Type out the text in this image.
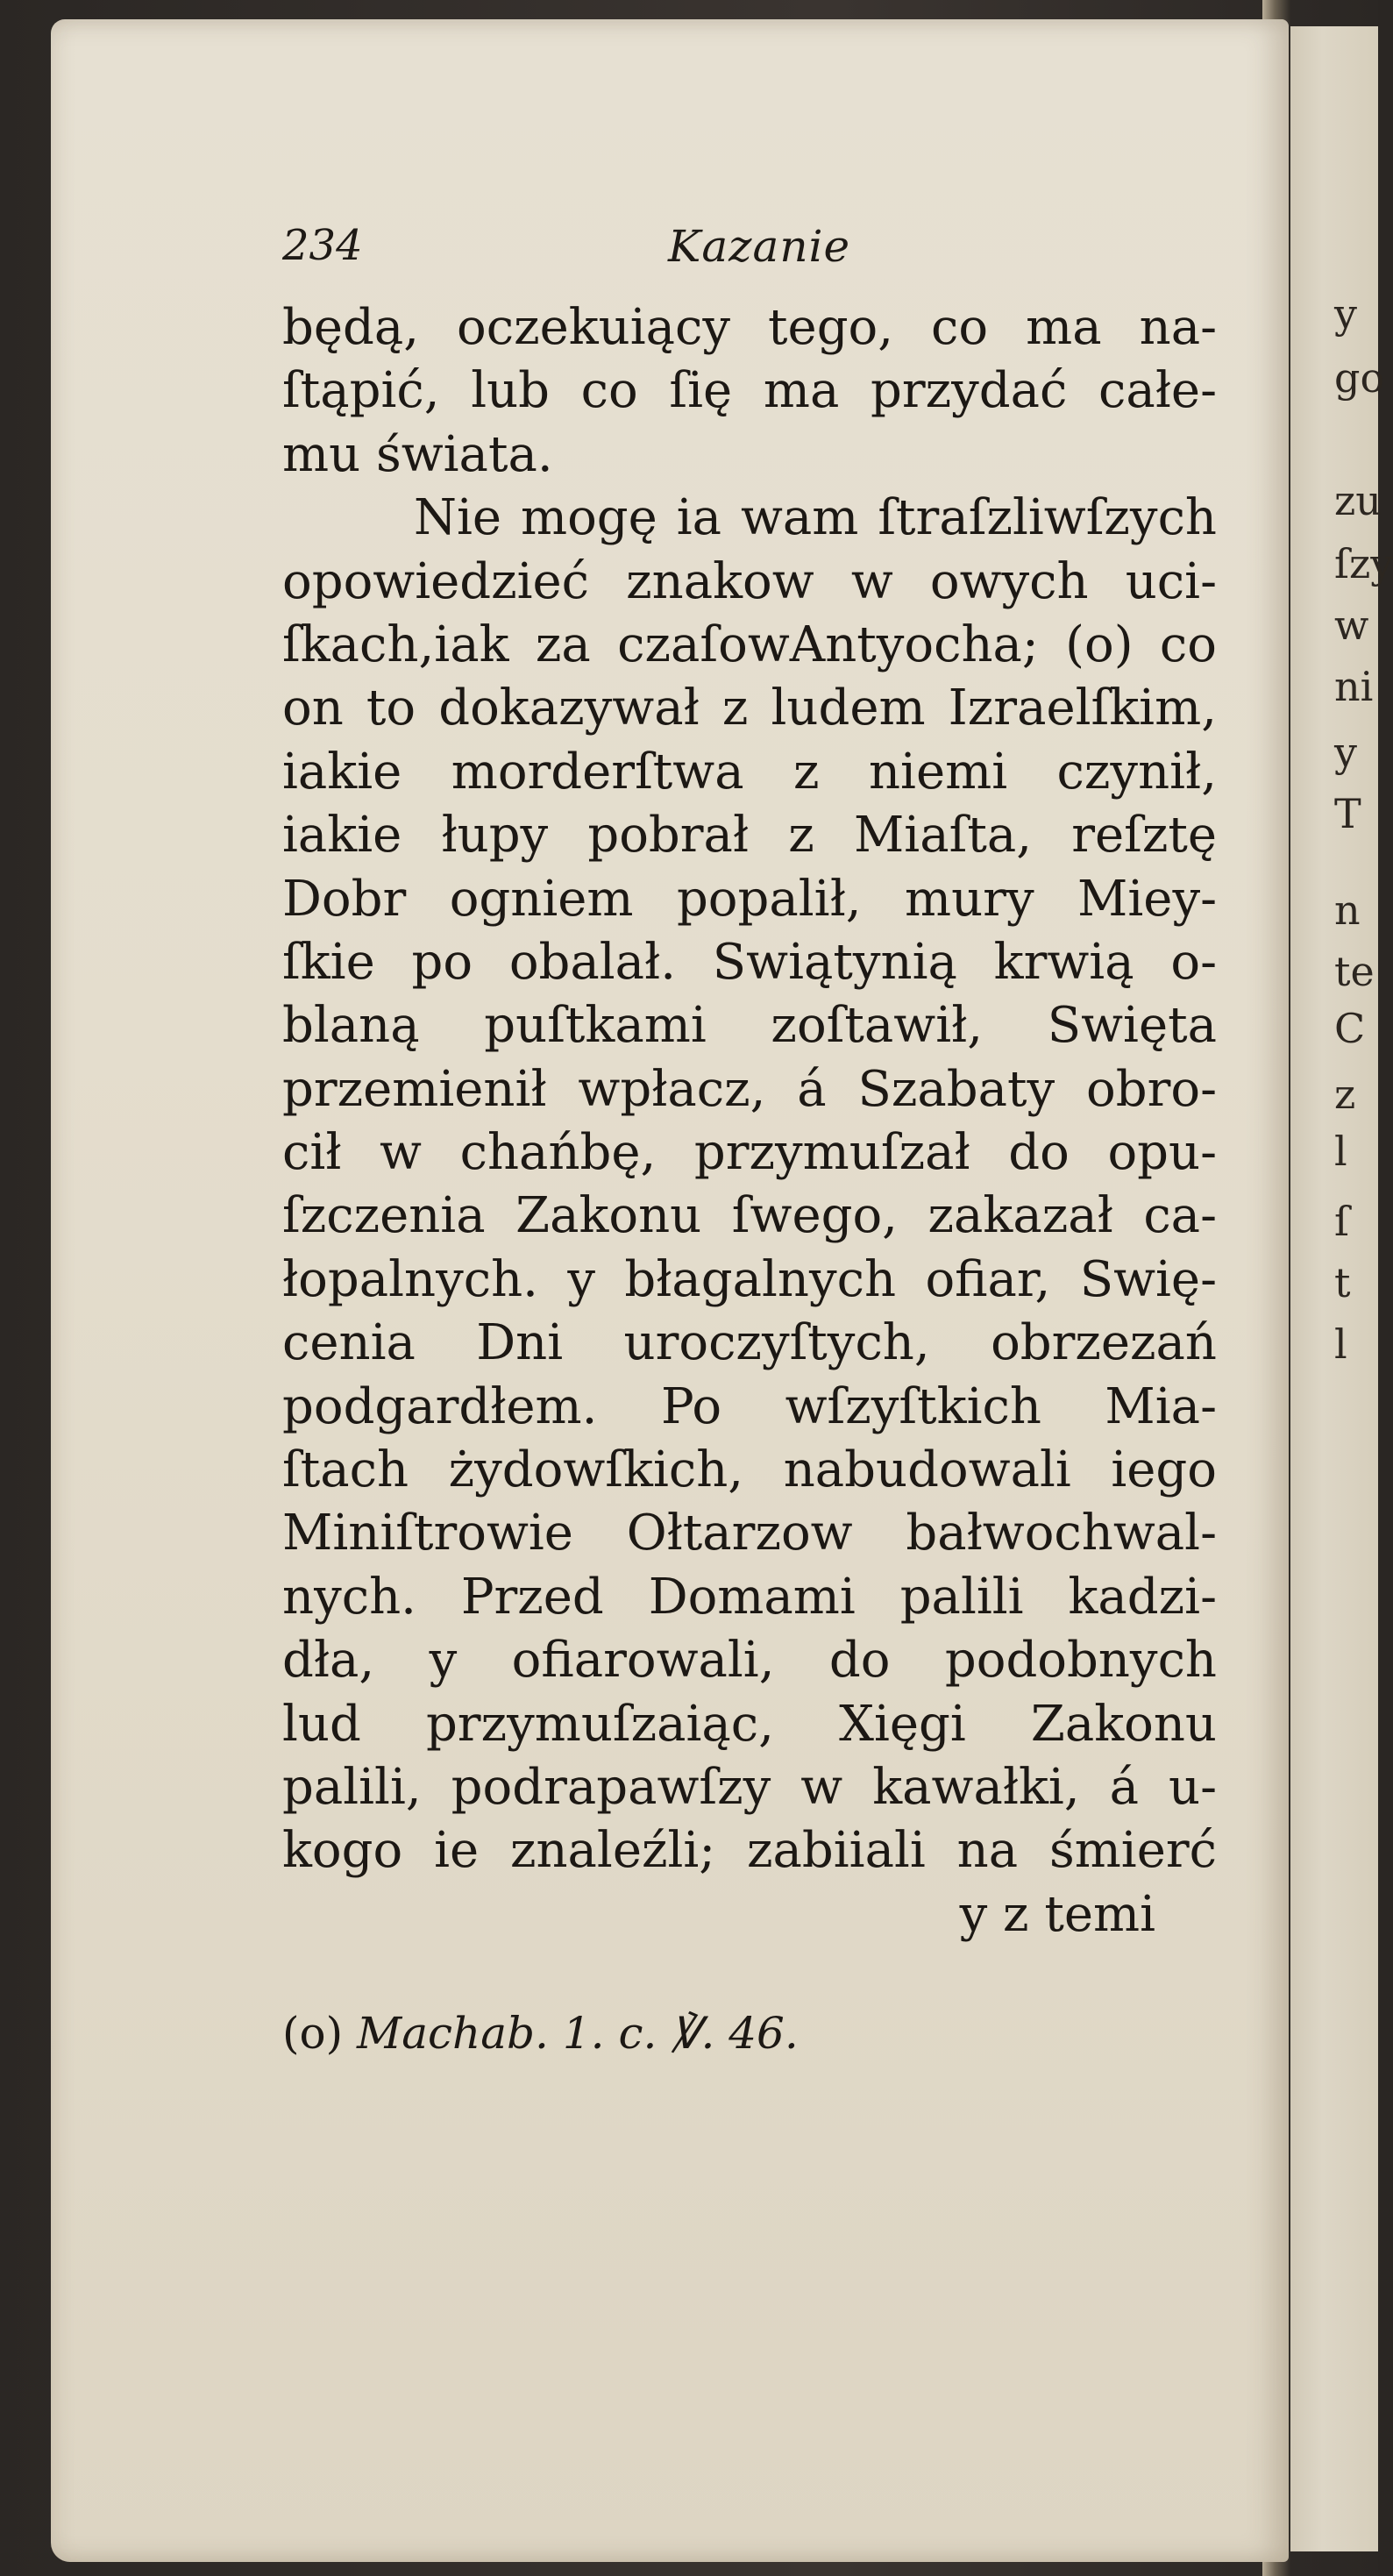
y
go
zu
ſzy
w
ni
y
T
n
te
C
z
l
ſ
t
l
234	Kazanie
będą, oczekuiący tego, co ma na-
ſtąpić, lub co ſię ma przydać całe-
mu świata.
Nie mogę ia wam ſtraſzliwſzych
opowiedzieć znakow w owych uci-
ſkach,iak za czaſowAntyocha; (o) co
on to dokazywał z ludem Izraelſkim,
iakie morderſtwa z niemi czynił,
iakie łupy pobrał z Miaſta, reſztę
Dobr ogniem popalił, mury Miey-
ſkie po obalał. Swiątynią krwią o-
blaną puſtkami zoſtawił, Swięta
przemienił wpłacz, á Szabaty obro-
cił w chańbę, przymuſzał do opu-
ſzczenia Zakonu ſwego, zakazał ca-
łopalnych. y błagalnych ofiar, Swię-
cenia Dni uroczyſtych, obrzezań
podgardłem. Po wſzyſtkich Mia-
ſtach żydowſkich, nabudowali iego
Miniſtrowie Ołtarzow bałwochwal-
nych. Przed Domami palili kadzi-
dła, y ofiarowali, do podobnych
lud przymuſzaiąc, Xięgi Zakonu
palili, podrapawſzy w kawałki, á u-
kogo ie znaleźli; zabiiali na śmierć
y z temi
(o) Machab. 1. c. ℣. 46.
